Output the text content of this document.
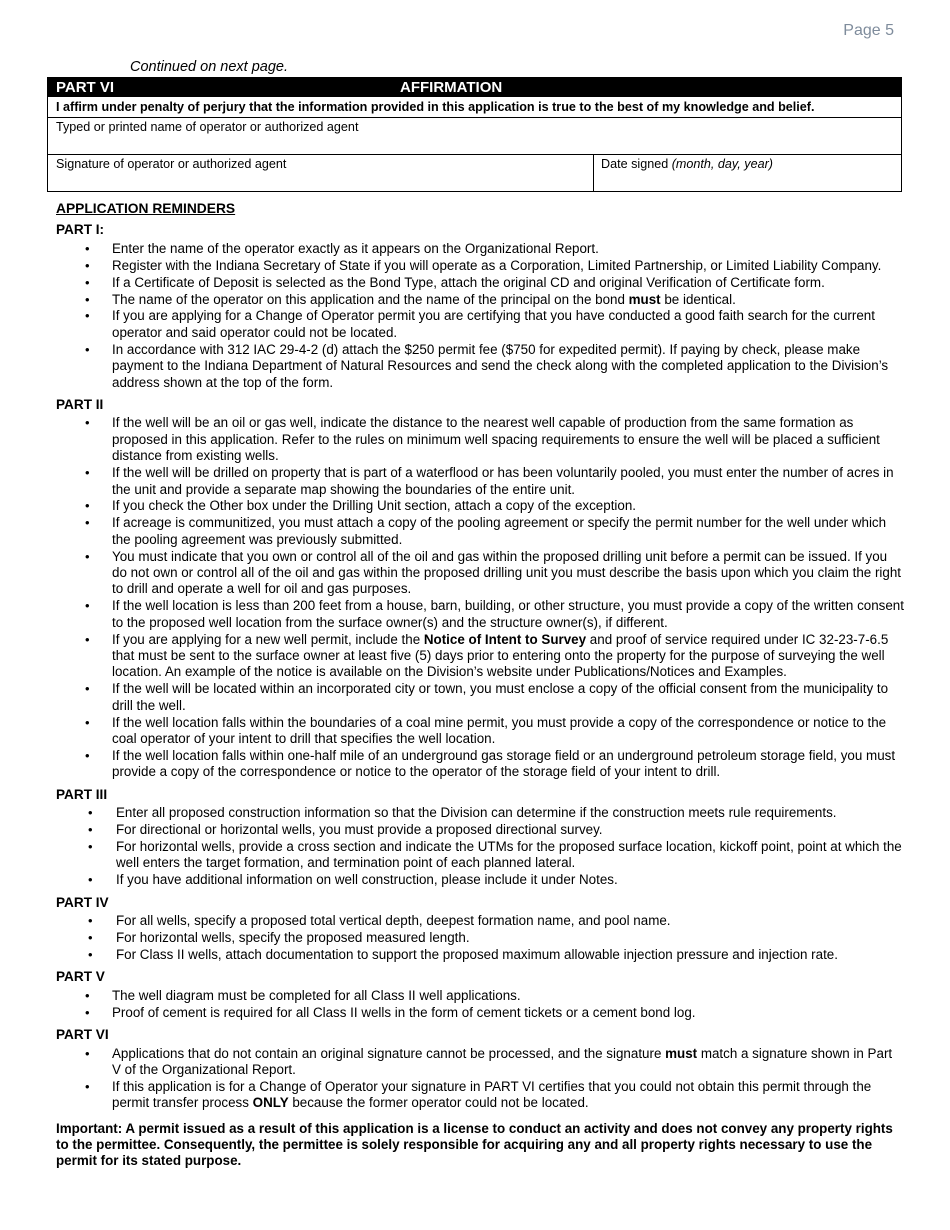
Page 5
Continued on next page.
PART VI	AFFIRMATION
I affirm under penalty of perjury that the information provided in this application is true to the best of my knowledge and belief.
Typed or printed name of operator or authorized agent
Signature of operator or authorized agent	Date signed (month, day, year)
APPLICATION REMINDERS
PART I:
• Enter the name of the operator exactly as it appears on the Organizational Report.
• Register with the Indiana Secretary of State if you will operate as a Corporation, Limited Partnership, or Limited Liability Company.
• If a Certificate of Deposit is selected as the Bond Type, attach the original CD and original Verification of Certificate form.
• The name of the operator on this application and the name of the principal on the bond must be identical.
• If you are applying for a Change of Operator permit you are certifying that you have conducted a good faith search for the current operator and said operator could not be located.
• In accordance with 312 IAC 29-4-2 (d) attach the $250 permit fee ($750 for expedited permit). If paying by check, please make payment to the Indiana Department of Natural Resources and send the check along with the completed application to the Division’s address shown at the top of the form.
PART II
• If the well will be an oil or gas well, indicate the distance to the nearest well capable of production from the same formation as proposed in this application. Refer to the rules on minimum well spacing requirements to ensure the well will be placed a sufficient distance from existing wells.
• If the well will be drilled on property that is part of a waterflood or has been voluntarily pooled, you must enter the number of acres in the unit and provide a separate map showing the boundaries of the entire unit.
• If you check the Other box under the Drilling Unit section, attach a copy of the exception.
• If acreage is communitized, you must attach a copy of the pooling agreement or specify the permit number for the well under which the pooling agreement was previously submitted.
• You must indicate that you own or control all of the oil and gas within the proposed drilling unit before a permit can be issued. If you do not own or control all of the oil and gas within the proposed drilling unit you must describe the basis upon which you claim the right to drill and operate a well for oil and gas purposes.
• If the well location is less than 200 feet from a house, barn, building, or other structure, you must provide a copy of the written consent to the proposed well location from the surface owner(s) and the structure owner(s), if different.
• If you are applying for a new well permit, include the Notice of Intent to Survey and proof of service required under IC 32-23-7-6.5 that must be sent to the surface owner at least five (5) days prior to entering onto the property for the purpose of surveying the well location. An example of the notice is available on the Division’s website under Publications/Notices and Examples.
• If the well will be located within an incorporated city or town, you must enclose a copy of the official consent from the municipality to drill the well.
• If the well location falls within the boundaries of a coal mine permit, you must provide a copy of the correspondence or notice to the coal operator of your intent to drill that specifies the well location.
• If the well location falls within one-half mile of an underground gas storage field or an underground petroleum storage field, you must provide a copy of the correspondence or notice to the operator of the storage field of your intent to drill.
PART III
• Enter all proposed construction information so that the Division can determine if the construction meets rule requirements.
• For directional or horizontal wells, you must provide a proposed directional survey.
• For horizontal wells, provide a cross section and indicate the UTMs for the proposed surface location, kickoff point, point at which the well enters the target formation, and termination point of each planned lateral.
• If you have additional information on well construction, please include it under Notes.
PART IV
• For all wells, specify a proposed total vertical depth, deepest formation name, and pool name.
• For horizontal wells, specify the proposed measured length.
• For Class II wells, attach documentation to support the proposed maximum allowable injection pressure and injection rate.
PART V
• The well diagram must be completed for all Class II well applications.
• Proof of cement is required for all Class II wells in the form of cement tickets or a cement bond log.
PART VI
• Applications that do not contain an original signature cannot be processed, and the signature must match a signature shown in Part V of the Organizational Report.
• If this application is for a Change of Operator your signature in PART VI certifies that you could not obtain this permit through the permit transfer process ONLY because the former operator could not be located.
Important: A permit issued as a result of this application is a license to conduct an activity and does not convey any property rights to the permittee. Consequently, the permittee is solely responsible for acquiring any and all property rights necessary to use the permit for its stated purpose.
